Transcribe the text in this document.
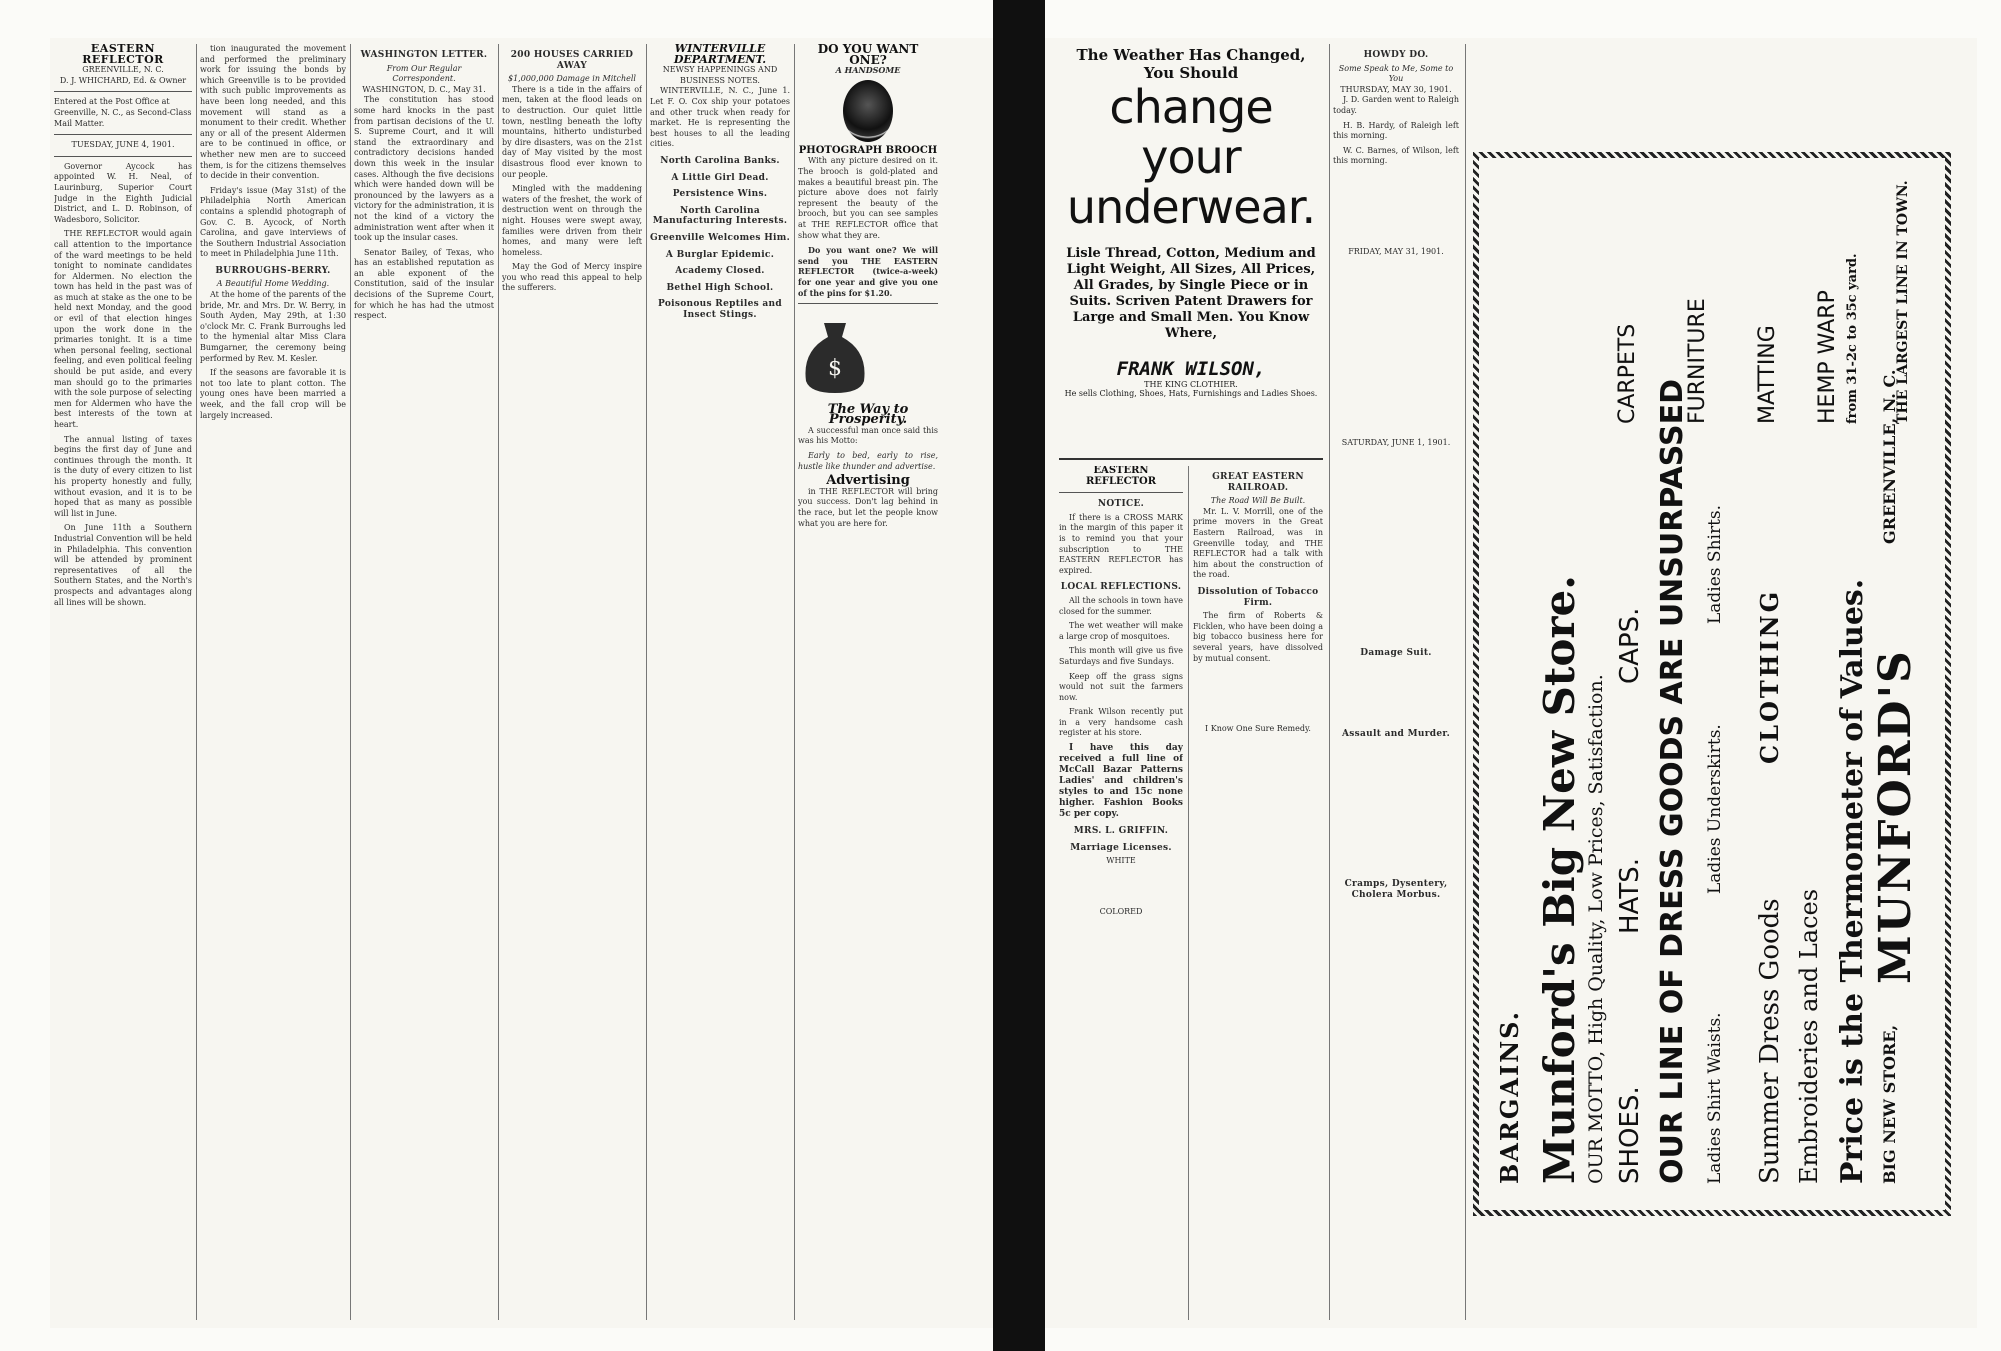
EASTERN REFLECTOR
GREENVILLE, N. C.
D. J. WHICHARD, Ed. & Owner
Entered at the Post Office at Greenville, N. C., as Second-Class Mail Matter.
TUESDAY, JUNE 4, 1901.

Governor Aycock has appointed W. H. Neal, of Laurinburg, Superior Court Judge in the Eighth Judicial District, and L. D. Robinson, of Wadesboro, Solicitor.

THE REFLECTOR would again call attention to the importance of the ward meetings to be held tonight to nominate candidates for Aldermen. No election the town has held in the past was of as much at stake as the one to be held next Monday, and the good or evil of that election hinges upon the work done in the primaries tonight. It is a time when personal feeling, sectional feeling, and even political feeling should be put aside, and every man should go to the primaries with the sole purpose of selecting men for Aldermen who have the best interests of the town at heart.

The annual listing of taxes begins the first day of June and continues through the month. It is the duty of every citizen to list his property honestly and fully, without evasion, and it is to be hoped that as many as possible will list in June.

On June 11th a Southern Industrial Convention will be held in Philadelphia. This convention will be attended by prominent representatives of all the Southern States, and the North's prospects and advantages along all lines will be shown.

tion inaugurated the movement and performed the preliminary work for issuing the bonds by which Greenville is to be provided with such public improvements as have been long needed, and this movement will stand as a monument to their credit. Whether any or all of the present Aldermen are to be continued in office, or whether new men are to succeed them, is for the citizens themselves to decide in their convention.

Friday's issue (May 31st) of the Philadelphia North American contains a splendid photograph of Gov. C. B. Aycock, of North Carolina, and gave interviews of the Southern Industrial Association to meet in Philadelphia June 11th.

BURROUGHS-BERRY.
A Beautiful Home Wedding.

At the home of the parents of the bride, Mr. and Mrs. Dr. W. Berry, in South Ayden, May 29th, at 1:30 o'clock Mr. C. Frank Burroughs led to the hymenial altar Miss Clara Bumgarner, the ceremony being performed by Rev. M. Kesler.

If the seasons are favorable it is not too late to plant cotton. The young ones have been married a week, and the fall crop will be largely increased.

WASHINGTON LETTER.
From Our Regular Correspondent.
WASHINGTON, D. C., May 31.

The constitution has stood some hard knocks in the past from partisan decisions of the U. S. Supreme Court, and it will stand the extraordinary and contradictory decisions handed down this week in the insular cases. Although the five decisions which were handed down will be pronounced by the lawyers as a victory for the administration, it is not the kind of a victory the administration went after when it took up the insular cases.

Senator Bailey, of Texas, who has an established reputation as an able exponent of the Constitution, said of the insular decisions of the Supreme Court, for which he has had the utmost respect.

200 HOUSES CARRIED AWAY
$1,000,000 Damage in Mitchell

There is a tide in the affairs of men, taken at the flood leads on to destruction. Our quiet little town, nestling beneath the lofty mountains, hitherto undisturbed by dire disasters, was on the 21st day of May visited by the most disastrous flood ever known to our people.

Mingled with the maddening waters of the freshet, the work of destruction went on through the night. Houses were swept away, families were driven from their homes, and many were left homeless.

May the God of Mercy inspire you who read this appeal to help the sufferers.

WINTERVILLE DEPARTMENT.
NEWSY HAPPENINGS AND BUSINESS NOTES.

WINTERVILLE, N. C., June 1. Let F. O. Cox ship your potatoes and other truck when ready for market. He is representing the best houses to all the leading cities.

North Carolina Banks.
A Little Girl Dead.
Persistence Wins.
North Carolina Manufacturing Interests.
Greenville Welcomes Him.
A Burglar Epidemic.
Academy Closed.
Bethel High School.
Poisonous Reptiles and Insect Stings.
DO YOU WANT ONE?
A HANDSOME
PHOTOGRAPH BROOCH

With any picture desired on it. The brooch is gold-plated and makes a beautiful breast pin. The picture above does not fairly represent the beauty of the brooch, but you can see samples at THE REFLECTOR office that show what they are.

Do you want one? We will send you THE EASTERN REFLECTOR (twice-a-week) for one year and give you one of the pins for $1.20.

$
The Way to Prosperity.

A successful man once said this was his Motto:

Early to bed, early to rise, hustle like thunder and advertise.

Advertising

in THE REFLECTOR will bring you success. Don't lag behind in the race, but let the people know what you are here for.

The Weather Has Changed,
You Should
change your
underwear.
Lisle Thread, Cotton, Medium and Light Weight, All Sizes, All Prices, All Grades, by Single Piece or in Suits. Scriven Patent Drawers for Large and Small Men. You Know Where,
FRANK WILSON,
THE KING CLOTHIER.
He sells Clothing, Shoes, Hats, Furnishings and Ladies Shoes.
EASTERN REFLECTOR
NOTICE.

If there is a CROSS MARK in the margin of this paper it is to remind you that your subscription to THE EASTERN REFLECTOR has expired.

LOCAL REFLECTIONS.

All the schools in town have closed for the summer.

The wet weather will make a large crop of mosquitoes.

This month will give us five Saturdays and five Sundays.

Keep off the grass signs would not suit the farmers now.

Frank Wilson recently put in a very handsome cash register at his store.

I have this day received a full line of McCall Bazar Patterns Ladies' and children's styles to and 15c none higher. Fashion Books 5c per copy.

MRS. L. GRIFFIN.
Marriage Licenses.
WHITE
COLORED
GREAT EASTERN RAILROAD.
The Road Will Be Built.

Mr. L. V. Morrill, one of the prime movers in the Great Eastern Railroad, was in Greenville today, and THE REFLECTOR had a talk with him about the construction of the road.

Dissolution of Tobacco Firm.

The firm of Roberts & Ficklen, who have been doing a big tobacco business here for several years, have dissolved by mutual consent.

I Know One Sure Remedy.
HOWDY DO.
Some Speak to Me, Some to You
THURSDAY, MAY 30, 1901.

J. D. Garden went to Raleigh today.

H. B. Hardy, of Raleigh left this morning.

W. C. Barnes, of Wilson, left this morning.

FRIDAY, MAY 31, 1901.
SATURDAY, JUNE 1, 1901.
Damage Suit.
Assault and Murder.
Cramps, Dysentery, Cholera Morbus.
BARGAINS. Munford's Big New Store. OUR MOTTO, High Quality, Low Prices, Satisfaction. SHOES.
HATS.
CAPS. OUR LINE OF DRESS GOODS ARE UNSURPASSED Ladies Shirt Waists.
Ladies Underskirts.
Ladies Shirts.
Summer Dress Goods
CLOTHING
Embroideries and Laces Price is the Thermometer of Values. BIG NEW STORE,
MUNFORD'S
GREENVILLE, N. C.
CARPETS FURNITURE MATTING HEMP WARP from 31-2c to 35c yard.	THE LARGEST LINE IN TOWN.
